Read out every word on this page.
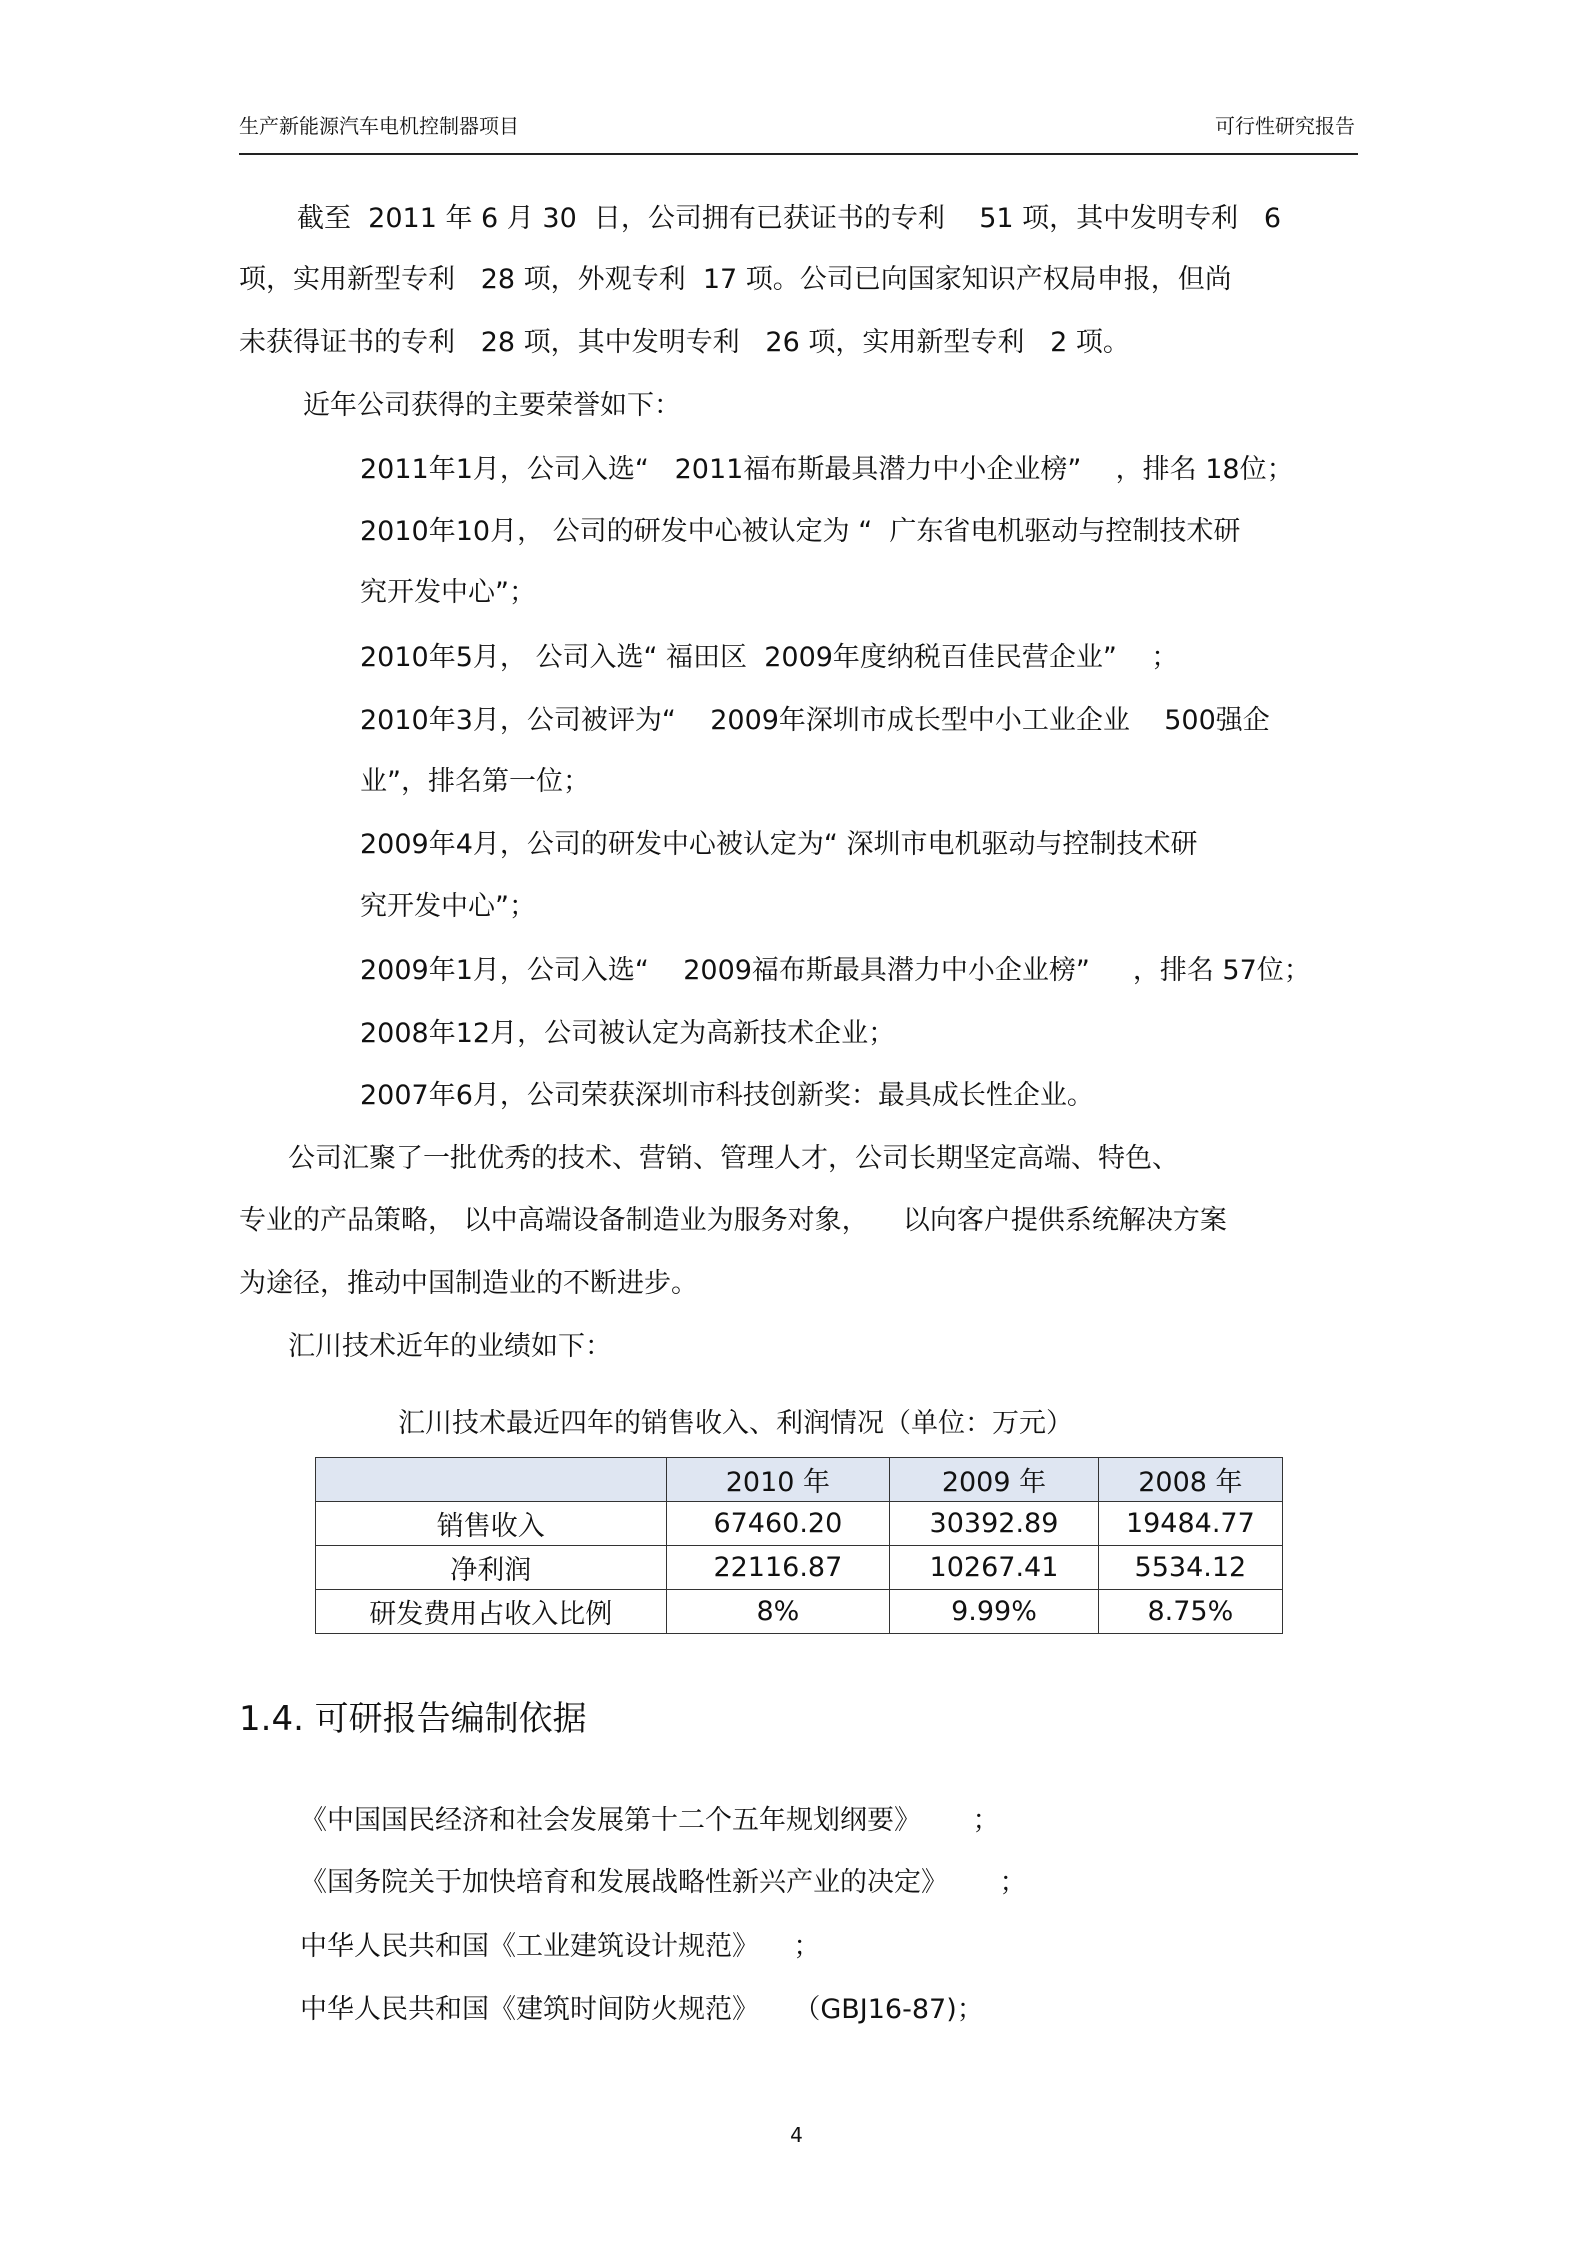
生产新能源汽车电机控制器项目	可行性研究报告
截至  2011 年 6 月 30  日，公司拥有已获证书的专利    51 项，其中发明专利   6
项，实用新型专利   28 项，外观专利  17 项。公司已向国家知识产权局申报，但尚
未获得证书的专利   28 项，其中发明专利   26 项，实用新型专利   2 项。
近年公司获得的主要荣誉如下：
2011年1月，公司入选“   2011福布斯最具潜力中小企业榜”    ，排名 18位；
2010年10月， 公司的研发中心被认定为 “  广东省电机驱动与控制技术研
究开发中心”；
2010年5月， 公司入选“ 福田区  2009年度纳税百佳民营企业”    ；
2010年3月，公司被评为“    2009年深圳市成长型中小工业企业    500强企
业”，排名第一位；
2009年4月，公司的研发中心被认定为“ 深圳市电机驱动与控制技术研
究开发中心”；
2009年1月，公司入选“    2009福布斯最具潜力中小企业榜”     ，排名 57位；
2008年12月，公司被认定为高新技术企业；
2007年6月，公司荣获深圳市科技创新奖：最具成长性企业。
公司汇聚了一批优秀的技术、营销、管理人才，公司长期坚定高端、特色、
专业的产品策略， 以中高端设备制造业为服务对象，    以向客户提供系统解决方案
为途径，推动中国制造业的不断进步。
汇川技术近年的业绩如下：
汇川技术最近四年的销售收入、利润情况（单位：万元）
	2010 年	2009 年	2008 年
销售收入	67460.20	30392.89	19484.77
净利润	22116.87	10267.41	5534.12
研发费用占收入比例	8%	9.99%	8.75%
1.4. 可研报告编制依据
《中国国民经济和社会发展第十二个五年规划纲要》      ；
《国务院关于加快培育和发展战略性新兴产业的决定》      ；
中华人民共和国《工业建筑设计规范》    ；
中华人民共和国《建筑时间防火规范》    （GBJ16-87)；
4
